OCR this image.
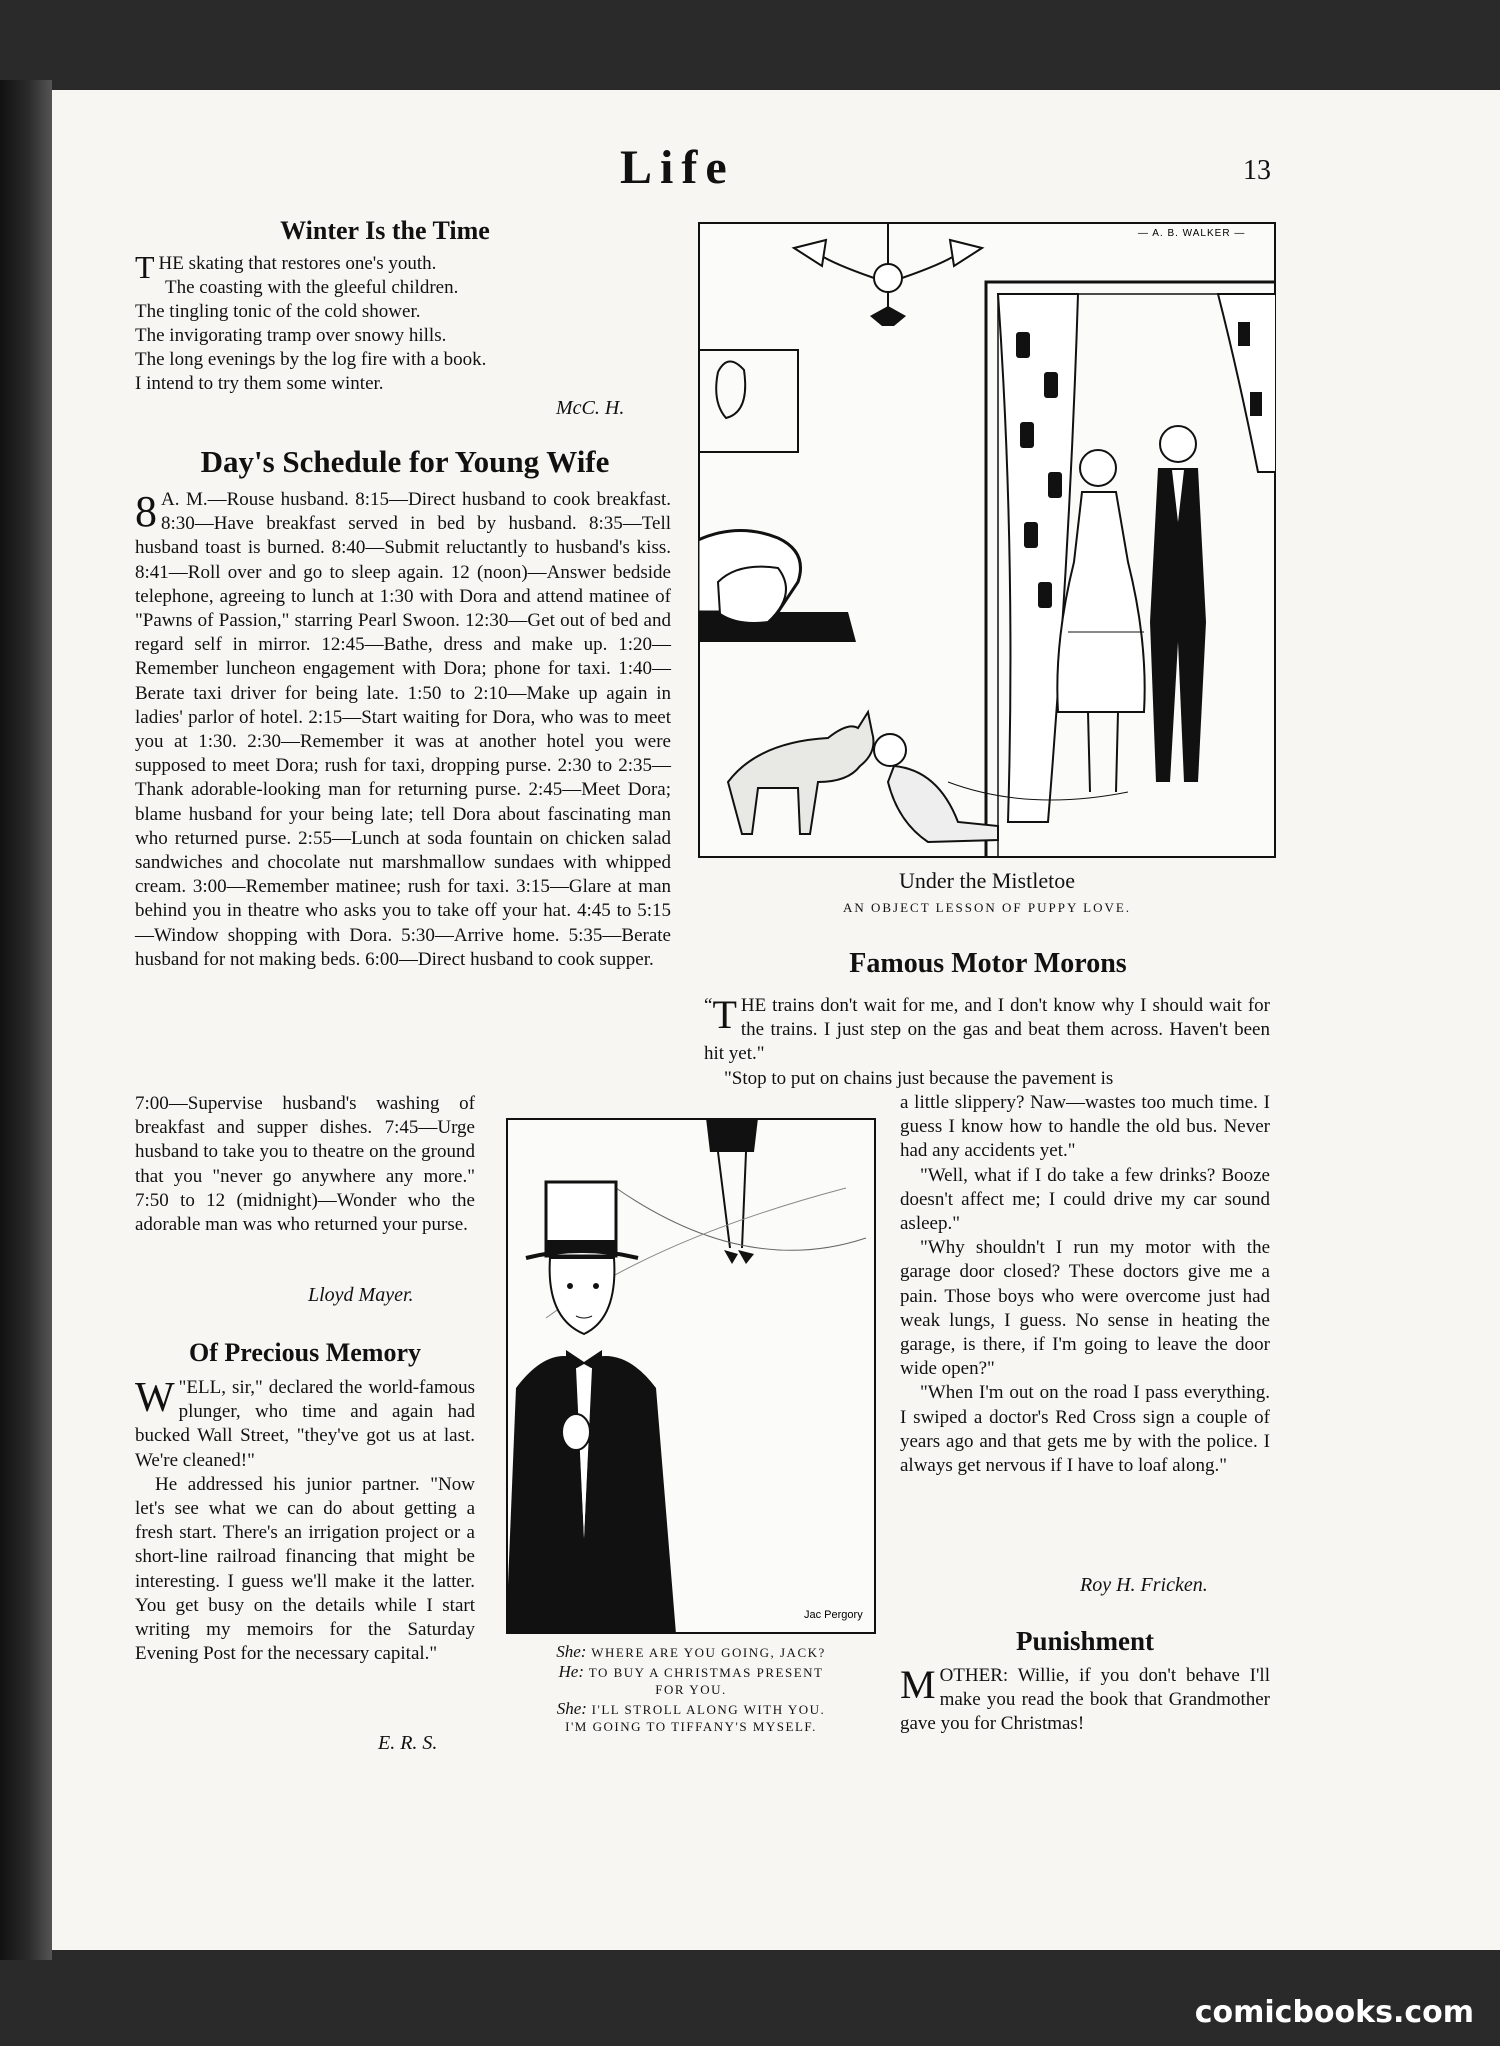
Life	13
Winter Is the Time
THE skating that restores one's youth.
The coasting with the gleeful children.
The tingling tonic of the cold shower.
The invigorating tramp over snowy hills.
The long evenings by the log fire with a book.
I intend to try them some winter.
McC. H.
Day's Schedule for Young Wife
8 A. M.—Rouse husband. 8:15—Direct husband to cook breakfast. 8:30—Have breakfast served in bed by husband. 8:35—Tell husband toast is burned. 8:40—Submit reluctantly to husband's kiss. 8:41—Roll over and go to sleep again. 12 (noon)—Answer bedside telephone, agreeing to lunch at 1:30 with Dora and attend matinee of "Pawns of Passion," starring Pearl Swoon. 12:30—Get out of bed and regard self in mirror. 12:45—Bathe, dress and make up. 1:20—Remember luncheon engagement with Dora; phone for taxi. 1:40—Berate taxi driver for being late. 1:50 to 2:10—Make up again in ladies' parlor of hotel. 2:15—Start waiting for Dora, who was to meet you at 1:30. 2:30—Remember it was at another hotel you were supposed to meet Dora; rush for taxi, dropping purse. 2:30 to 2:35—Thank adorable-looking man for returning purse. 2:45—Meet Dora; blame husband for your being late; tell Dora about fascinating man who returned purse. 2:55—Lunch at soda fountain on chicken salad sandwiches and chocolate nut marshmallow sundaes with whipped cream. 3:00—Remember matinee; rush for taxi. 3:15—Glare at man behind you in theatre who asks you to take off your hat. 4:45 to 5:15—Window shopping with Dora. 5:30—Arrive home. 5:35—Berate husband for not making beds. 6:00—Direct husband to cook supper.
7:00—Supervise husband's washing of breakfast and supper dishes. 7:45—Urge husband to take you to theatre on the ground that you "never go anywhere any more." 7:50 to 12 (midnight)—Wonder who the adorable man was who returned your purse.
Lloyd Mayer.
Of Precious Memory
W "ELL, sir," declared the world-famous plunger, who time and again had bucked Wall Street, "they've got us at last. We're cleaned!"
He addressed his junior partner. "Now let's see what we can do about getting a fresh start. There's an irrigation project or a short-line railroad financing that might be interesting. I guess we'll make it the latter. You get busy on the details while I start writing my memoirs for the Saturday Evening Post for the necessary capital."
E. R. S.
— A. B. WALKER —
Under the Mistletoe
AN OBJECT LESSON OF PUPPY LOVE.
Famous Motor Morons
“ T HE trains don't wait for me, and I don't know why I should wait for the trains. I just step on the gas and beat them across. Haven't been hit yet."
"Stop to put on chains just because the pavement is
a little slippery? Naw—wastes too much time. I guess I know how to handle the old bus. Never had any accidents yet."
"Well, what if I do take a few drinks? Booze doesn't affect me; I could drive my car sound asleep."
"Why shouldn't I run my motor with the garage door closed? These doctors give me a pain. Those boys who were overcome just had weak lungs, I guess. No sense in heating the garage, is there, if I'm going to leave the door wide open?"
"When I'm out on the road I pass everything. I swiped a doctor's Red Cross sign a couple of years ago and that gets me by with the police. I always get nervous if I have to loaf along."
Roy H. Fricken.
Jac Pergory
She: WHERE ARE YOU GOING, JACK?
He: TO BUY A CHRISTMAS PRESENT
FOR YOU.
She: I'LL STROLL ALONG WITH YOU.
I'M GOING TO TIFFANY'S MYSELF.
Punishment
MOTHER: Willie, if you don't behave I'll make you read the book that Grandmother gave you for Christmas!
comicbooks.com
